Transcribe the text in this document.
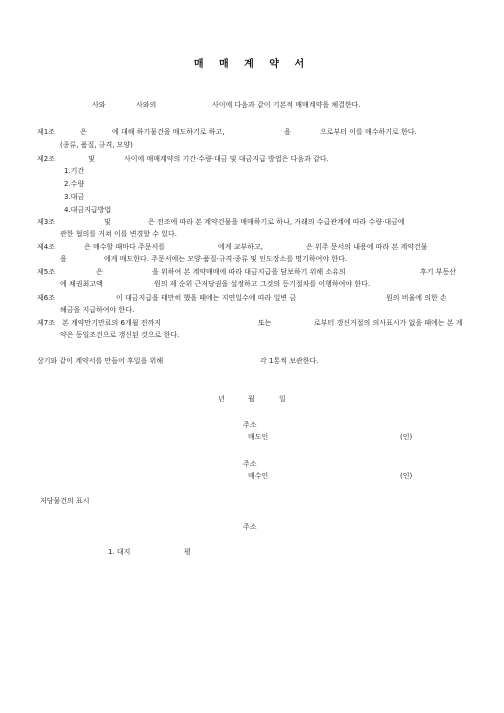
매 매 계 약 서
사와	사와의	사이에 다음과 같이 기본적 매매계약을 체결한다.
제1조	은	에 대해 하기물건을 매도하기로 하고,	을	으로부터 이를 매수하기로 한다.
(종류, 품질, 규격, 모양)
제2조	및	사이에 매매계약의 기간·수량·대금 및 대금지급 방법은 다음과 같다.
1.기간
2.수량
3.대금
4.대금지급방법
제3조	및	은 전조에 따라 본 계약건물을 매매하기로 하나, 거래의 수급관계에 따라 수량·대금에
관한 협의를 거쳐 이를 변경할 수 있다.
제4조	은 매수할 때마다 주문서를	에게 교부하고,	은 위주 문서의 내용에 따라 본 계약건물
을	에게 매도한다. 주문서에는 모양·품질·규격·종류 및 인도장소를 명기하여야 한다.
제5조	은	을 위하여 본 계약매매에 따라 대금지급을 담보하기 위해 소유의	후기 부동산
에 채권최고액	원의 제 순위 근저당권을 설정하고 그것의 등기절차를 이행하여야 한다.
제6조	이 대금지급을 태만히 했을 때에는 지연일수에 따라 일변 금	원의 비율에 의한 손
해금을 지급하여야 한다.
제7조 본 계약만기만료의 6개월 전까지	또는	로부터 갱신거절의 의사표시가 없을 때에는 본 계
약은 동일조건으로 갱신된 것으로 한다.
상기와 같이 계약서를 만들어 후일을 위해	각 1통씩 보관한다.
년	월	일
주소
매도인	(인)
주소
매수인	(인)
저당물건의 표시
주소
1. 대지	평
